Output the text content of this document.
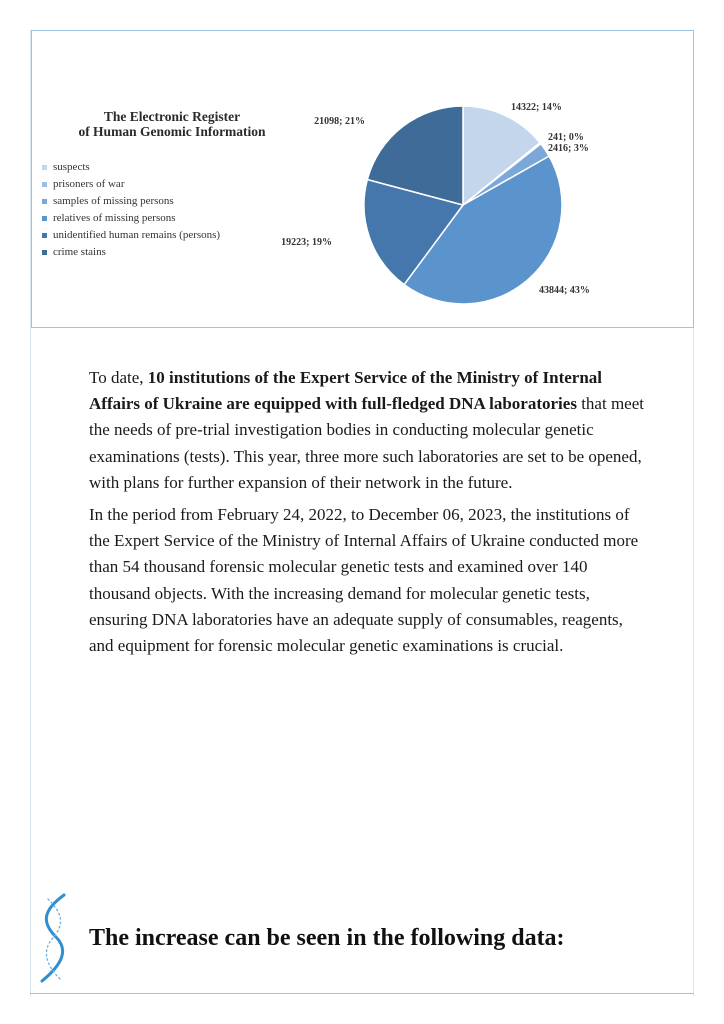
The Electronic Register
of Human Genomic Information
suspects
prisoners of war
samples of missing persons
relatives of missing persons
unidentified human remains (persons)
crime stains
14322; 14%
241; 0%
2416; 3%
43844; 43%
19223; 19%
21098; 21%

To date, 10 institutions of the Expert Service of the Ministry of Internal Affairs of Ukraine are equipped with full-fledged DNA laboratories that meet the needs of pre-trial investigation bodies in conducting molecular genetic examinations (tests). This year, three more such laboratories are set to be opened, with plans for further expansion of their network in the future.

In the period from February 24, 2022, to December 06, 2023, the institutions of the Expert Service of the Ministry of Internal Affairs of Ukraine conducted more than 54 thousand forensic molecular genetic tests and examined over 140 thousand objects. With the increasing demand for molecular genetic tests, ensuring DNA laboratories have an adequate supply of consumables, reagents, and equipment for forensic molecular genetic examinations is crucial.

The increase can be seen in the following data:
